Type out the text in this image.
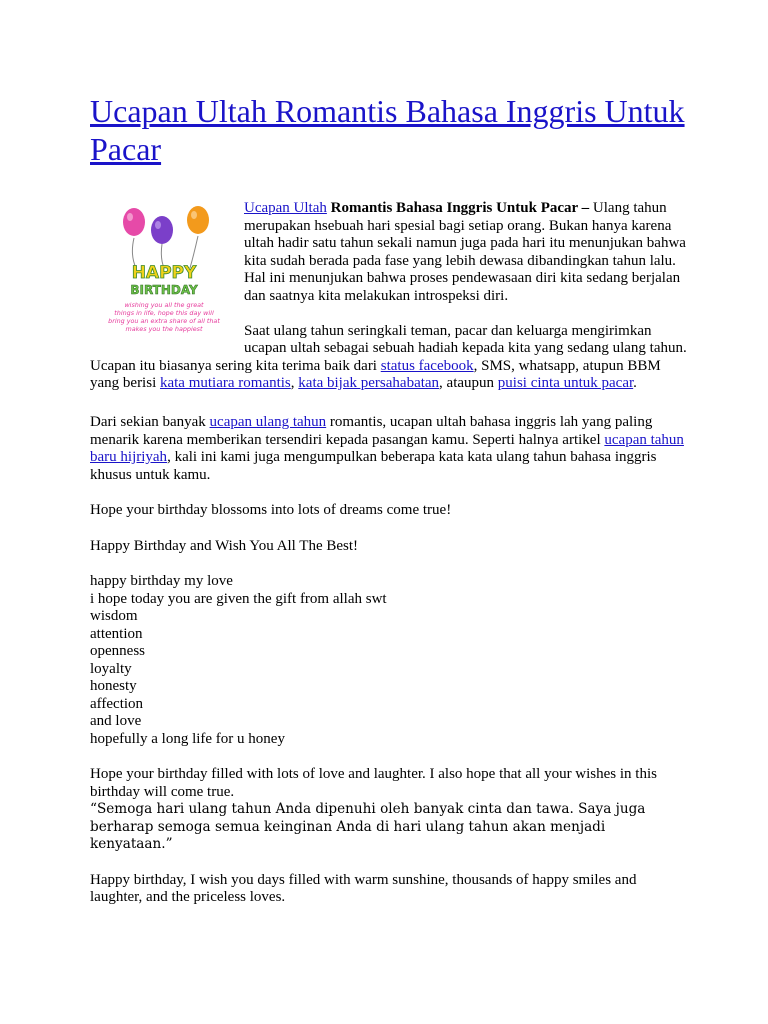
Ucapan Ultah Romantis Bahasa Inggris Untuk Pacar
HAPPY
BIRTHDAY
wishing you all the great
things in life, hope this day will
bring you an extra share of all that
makes you the happiest

Ucapan Ultah Romantis Bahasa Inggris Untuk Pacar – Ulang tahun merupakan hsebuah hari spesial bagi setiap orang. Bukan hanya karena ultah hadir satu tahun sekali namun juga pada hari itu menunjukan bahwa kita sudah berada pada fase yang lebih dewasa dibandingkan tahun lalu. Hal ini menunjukan bahwa proses pendewasaan diri kita sedang berjalan dan saatnya kita melakukan introspeksi diri.

Saat ulang tahun seringkali teman, pacar dan keluarga mengirimkan ucapan ultah sebagai sebuah hadiah kepada kita yang sedang ulang tahun. Ucapan itu biasanya sering kita terima baik dari status facebook, SMS, whatsapp, atupun BBM yang berisi kata mutiara romantis, kata bijak persahabatan, ataupun puisi cinta untuk pacar.

Dari sekian banyak ucapan ulang tahun romantis, ucapan ultah bahasa inggris lah yang paling menarik karena memberikan tersendiri kepada pasangan kamu. Seperti halnya artikel ucapan tahun baru hijriyah, kali ini kami juga mengumpulkan beberapa kata kata ulang tahun bahasa inggris khusus untuk kamu.

Hope your birthday blossoms into lots of dreams come true!

Happy Birthday and Wish You All The Best!

happy birthday my love

i hope today you are given the gift from allah swt

wisdom

attention

openness

loyalty

honesty

affection

and love

hopefully a long life for u honey

Hope your birthday filled with lots of love and laughter. I also hope that all your wishes in this birthday will come true.

“Semoga hari ulang tahun Anda dipenuhi oleh banyak cinta dan tawa. Saya juga berharap semoga semua keinginan Anda di hari ulang tahun akan menjadi kenyataan.”

Happy birthday, I wish you days filled with warm sunshine, thousands of happy smiles and laughter, and the priceless loves.
